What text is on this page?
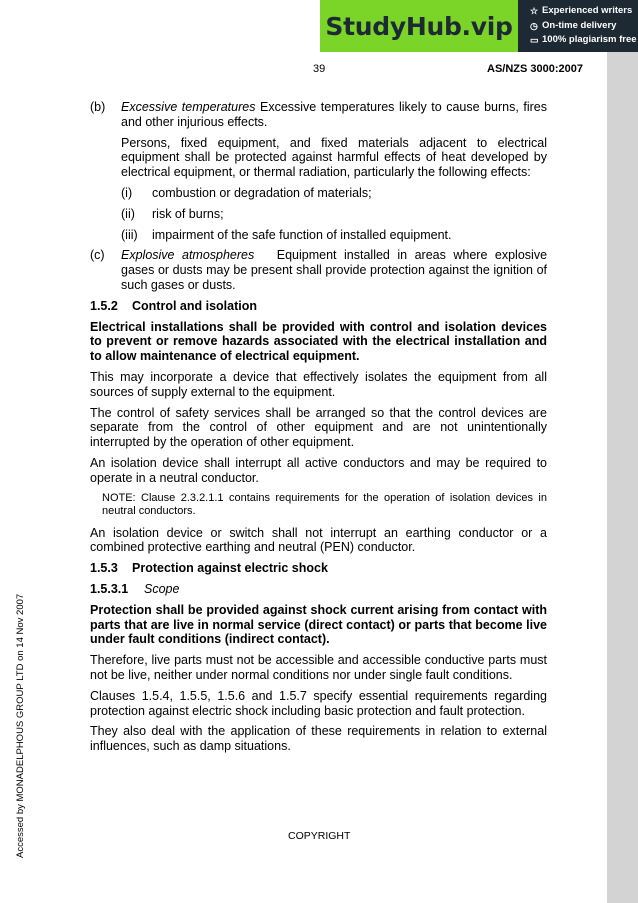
StudyHub.vip
☆ Experienced writers
◷ On-time delivery
▭ 100% plagiarism free
39	AS/NZS 3000:2007
Accessed by MONADELPHOUS GROUP LTD on 14 Nov 2007
(b)	Excessive temperatures Excessive temperatures likely to cause burns, fires and other injurious effects.

Persons, fixed equipment, and fixed materials adjacent to electrical equipment shall be protected against harmful effects of heat developed by electrical equipment, or thermal radiation, particularly the following effects:

(i)	combustion or degradation of materials;
(ii)	risk of burns;
(iii)	impairment of the safe function of installed equipment.
(c)	Explosive atmospheres Equipment installed in areas where explosive gases or dusts may be present shall provide protection against the ignition of such gases or dusts.
1.5.2 Control and isolation

Electrical installations shall be provided with control and isolation devices to prevent or remove hazards associated with the electrical installation and to allow maintenance of electrical equipment.

This may incorporate a device that effectively isolates the equipment from all sources of supply external to the equipment.

The control of safety services shall be arranged so that the control devices are separate from the control of other equipment and are not unintentionally interrupted by the operation of other equipment.

An isolation device shall interrupt all active conductors and may be required to operate in a neutral conductor.

NOTE: Clause 2.3.2.1.1 contains requirements for the operation of isolation devices in neutral conductors.

An isolation device or switch shall not interrupt an earthing conductor or a combined protective earthing and neutral (PEN) conductor.

1.5.3 Protection against electric shock
1.5.3.1 Scope

Protection shall be provided against shock current arising from contact with parts that are live in normal service (direct contact) or parts that become live under fault conditions (indirect contact).

Therefore, live parts must not be accessible and accessible conductive parts must not be live, neither under normal conditions nor under single fault conditions.

Clauses 1.5.4, 1.5.5, 1.5.6 and 1.5.7 specify essential requirements regarding protection against electric shock including basic protection and fault protection.

They also deal with the application of these requirements in relation to external influences, such as damp situations.

COPYRIGHT
